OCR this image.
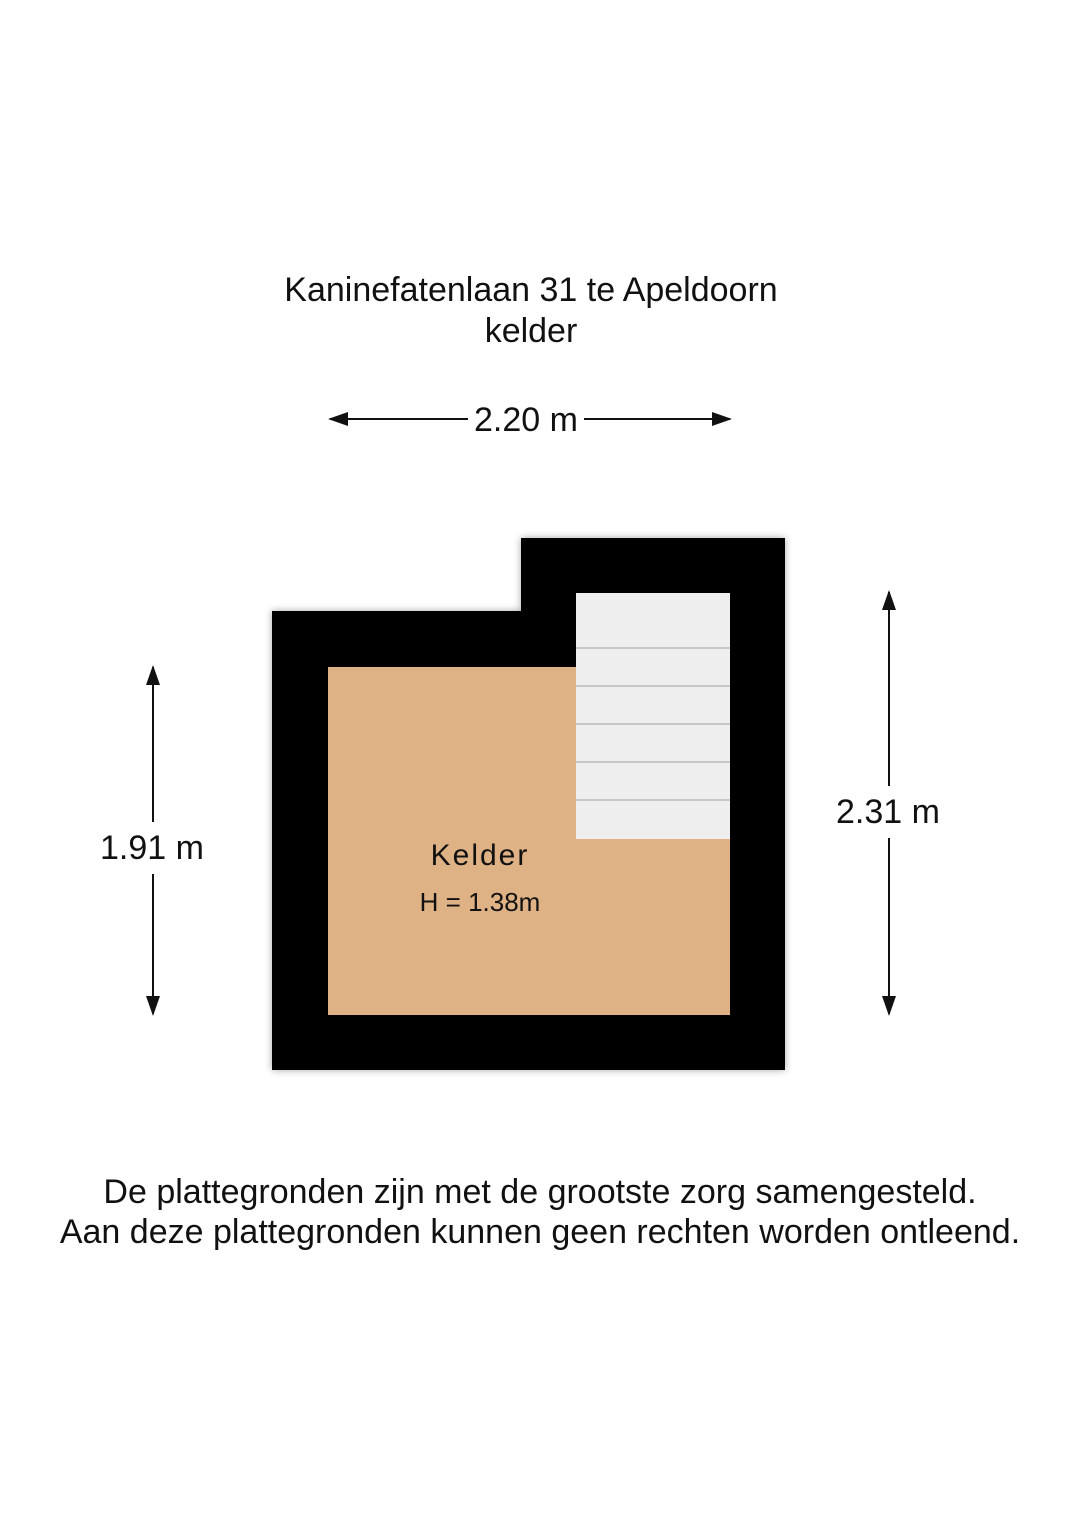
Kaninefatenlaan 31 te Apeldoorn
kelder
2.20 m
1.91 m
2.31 m
Kelder
H = 1.38m
De plattegronden zijn met de grootste zorg samengesteld.
Aan deze plattegronden kunnen geen rechten worden ontleend.
